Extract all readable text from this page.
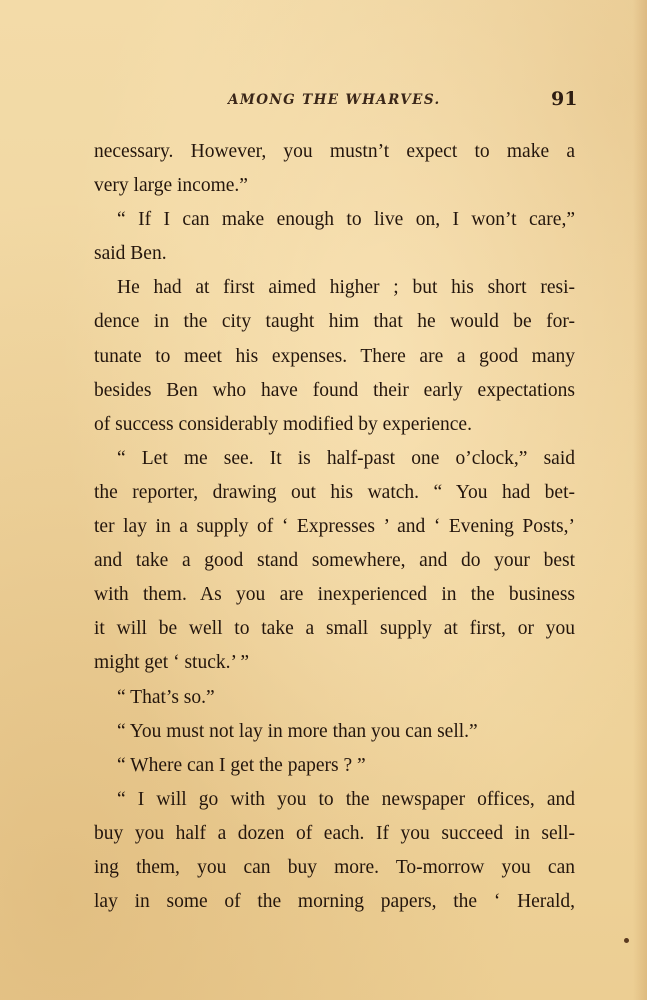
AMONG THE WHARVES.	91
necessary. However, you mustn’t expect to make a
very large income.”
“ If I can make enough to live on, I won’t care,”
said Ben.
He had at first aimed higher ; but his short resi-
dence in the city taught him that he would be for-
tunate to meet his expenses. There are a good many
besides Ben who have found their early expectations
of success considerably modified by experience.
“ Let me see. It is half-past one o’clock,” said
the reporter, drawing out his watch. “ You had bet-
ter lay in a supply of ‘ Expresses ’ and ‘ Evening Posts,’
and take a good stand somewhere, and do your best
with them. As you are inexperienced in the business
it will be well to take a small supply at first, or you
might get ‘ stuck.’ ”
“ That’s so.”
“ You must not lay in more than you can sell.”
“ Where can I get the papers ? ”
“ I will go with you to the newspaper offices, and
buy you half a dozen of each. If you succeed in sell-
ing them, you can buy more. To-morrow you can
lay in some of the morning papers, the ‘ Herald,
